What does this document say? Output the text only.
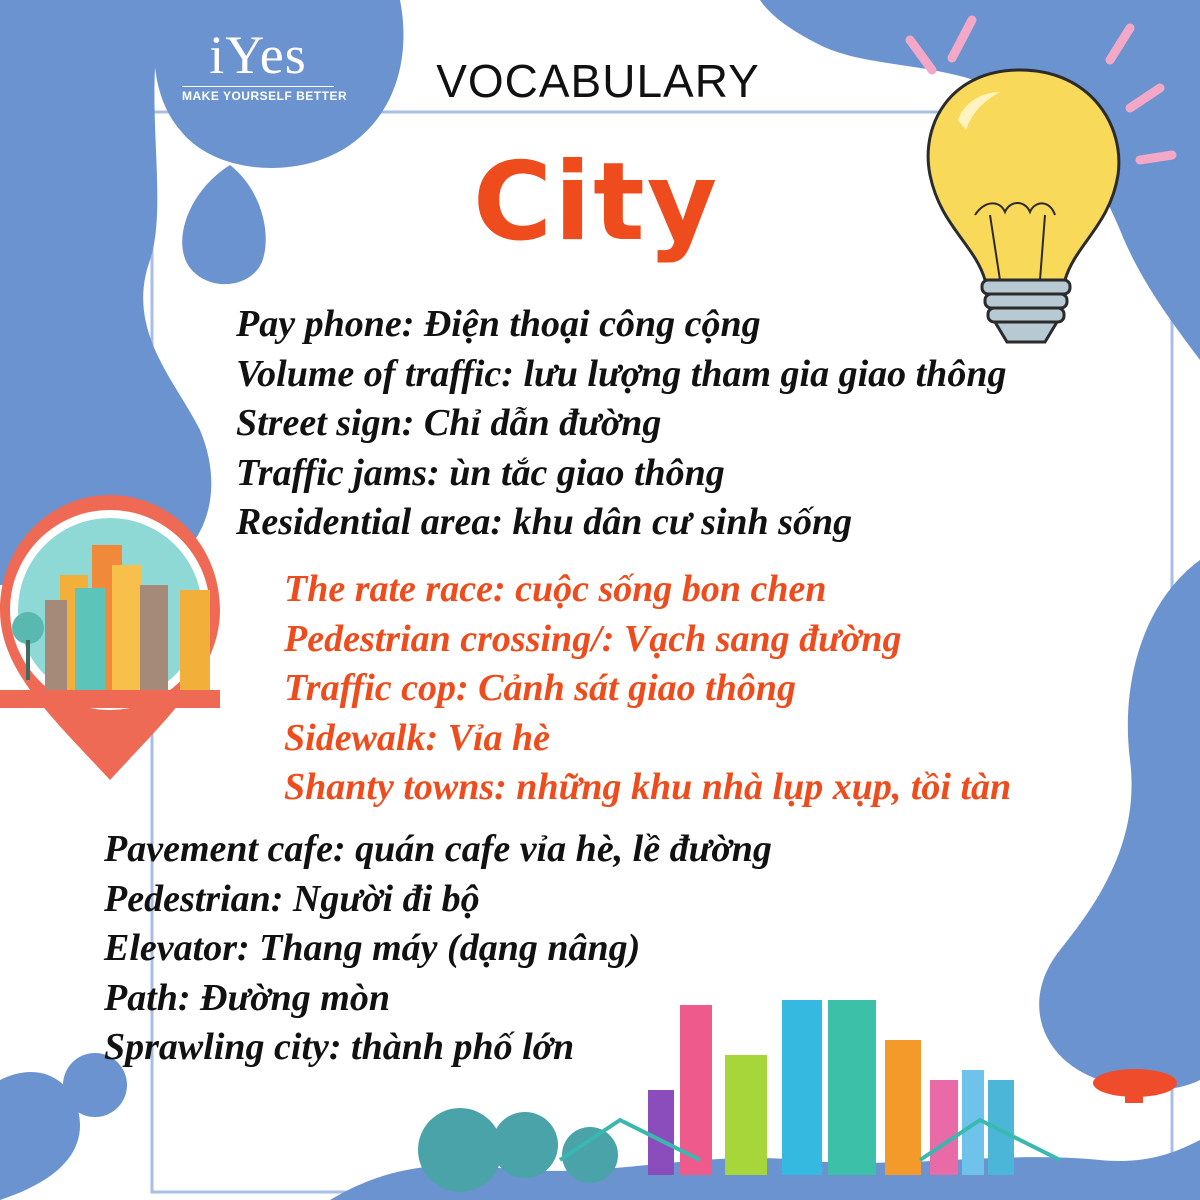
iYes
MAKE YOURSELF BETTER	VOCABULARY
City
Pay phone: Điện thoại công cộng
Volume of traffic: lưu lượng tham gia giao thông
Street sign: Chỉ dẫn đường
Traffic jams: ùn tắc giao thông
Residential area: khu dân cư sinh sống
The rate race: cuộc sống bon chen
Pedestrian crossing/: Vạch sang đường
Traffic cop: Cảnh sát giao thông
Sidewalk: Vỉa hè
Shanty towns: những khu nhà lụp xụp, tồi tàn
Pavement cafe: quán cafe vỉa hè, lề đường
Pedestrian: Người đi bộ
Elevator: Thang máy (dạng nâng)
Path: Đường mòn
Sprawling city: thành phố lớn
